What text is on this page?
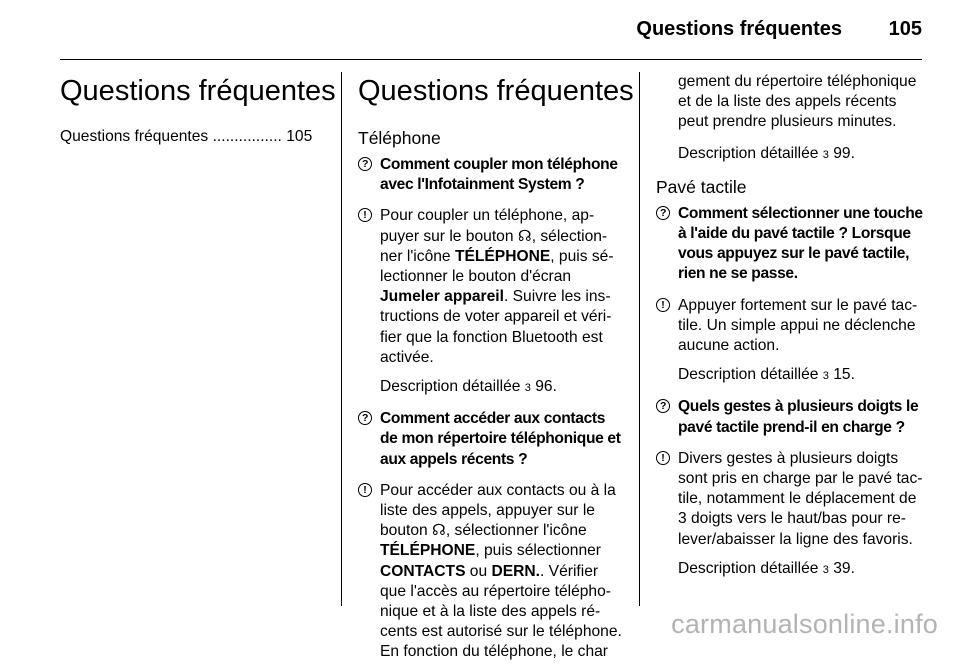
Questions fréquentes 105
Questions fréquentes
Questions fréquentes ................ 105
Questions fréquentes
Téléphone
? Comment coupler mon téléphone avec l'Infotainment System ?
! Pour coupler un téléphone, appuyer sur le bouton ☊, sélectionner l'icône TÉLÉPHONE, puis sélectionner le bouton d'écran Jumeler appareil. Suivre les instructions de voter appareil et vérifier que la fonction Bluetooth est activée.
Description détaillée 3 96.
? Comment accéder aux contacts de mon répertoire téléphonique et aux appels récents ?
! Pour accéder aux contacts ou à la liste des appels, appuyer sur le bouton ☊, sélectionner l'icône TÉLÉPHONE, puis sélectionner CONTACTS ou DERN.. Vérifier que l'accès au répertoire téléphonique et à la liste des appels récents est autorisé sur le téléphone. En fonction du téléphone, le char
gement du répertoire téléphonique et de la liste des appels récents peut prendre plusieurs minutes.
Description détaillée 3 99.
Pavé tactile
? Comment sélectionner une touche à l'aide du pavé tactile ? Lorsque vous appuyez sur le pavé tactile, rien ne se passe.
! Appuyer fortement sur le pavé tactile. Un simple appui ne déclenche aucune action.
Description détaillée 3 15.
? Quels gestes à plusieurs doigts le pavé tactile prend-il en charge ?
! Divers gestes à plusieurs doigts sont pris en charge par le pavé tactile, notamment le déplacement de 3 doigts vers le haut/bas pour relever/abaisser la ligne des favoris.
Description détaillée 3 39.
carmanualsonline.info
